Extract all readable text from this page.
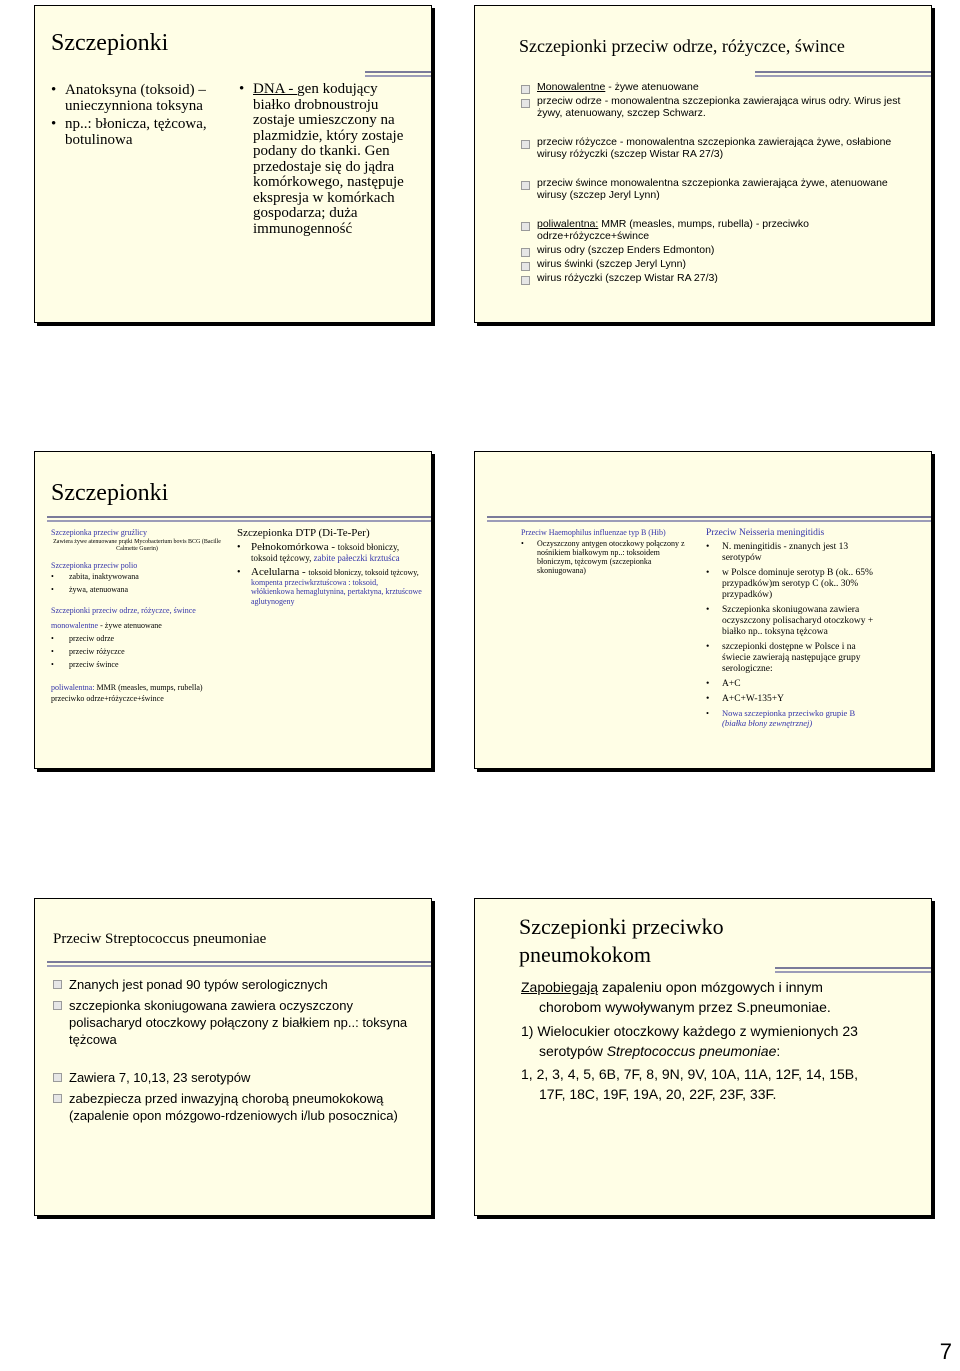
Szczepionki
• Anatoksyna (toksoid) – unieczynniona toksyna
• np..: błonicza, tężcowa, botulinowa
• DNA - gen kodujący białko drobnoustroju zostaje umieszczony na plazmidzie, który zostaje podany do tkanki. Gen przedostaje się do jądra komórkowego, następuje ekspresja w komórkach gospodarza; duża immunogenność
Szczepionki przeciw odrze, różyczce, śwince
Monowalentne - żywe atenuowane
przeciw odrze - monowalentna szczepionka zawierająca wirus odry. Wirus jest żywy, atenuowany, szczep Schwarz.
przeciw różyczce - monowalentna szczepionka zawierająca żywe, osłabione wirusy różyczki (szczep Wistar RA 27/3)
przeciw śwince monowalentna szczepionka zawierająca żywe, atenuowane wirusy (szczep Jeryl Lynn)
poliwalentna: MMR (measles, mumps, rubella) - przeciwko odrze+różyczce+śwince
wirus odry (szczep Enders Edmonton)
wirus świnki (szczep Jeryl Lynn)
wirus różyczki (szczep Wistar RA 27/3)
Szczepionki
Szczepionka przeciw gruźlicy
Zawiera żywe atenuowane prątki Mycobacterium bovis BCG (Bacille Calmette Guerin)
Szczepionka przeciw polio
• zabita, inaktywowana
• żywa, atenuowana
Szczepionki przeciw odrze, różyczce, śwince
monowalentne - żywe atenuowane
• przeciw odrze
• przeciw różyczce
• przeciw śwince
poliwalentna: MMR (measles, mumps, rubella)
przeciwko odrze+różyczce+śwince
Szczepionka DTP (Di-Te-Per)
• Pełnokomórkowa - toksoid błoniczy, toksoid tężcowy, zabite pałeczki krztuśca
• Acelularna - toksoid błoniczy, toksoid tężcowy, kompenta przeciwkrztuścowa : toksoid, włókienkowa hemaglutynina, pertaktyna, krztuścowe aglutynogeny
Przeciw Haemophilus influenzae typ B (Hib)
• Oczyszczony antygen otoczkowy połączony z nośnikiem białkowym np..: toksoidem błoniczym, tężcowym (szczepionka skoniugowana)
Przeciw Neisseria meningitidis
• N. meningitidis - znanych jest 13 serotypów
• w Polsce dominuje serotyp B (ok.. 65% przypadków)m serotyp C (ok.. 30% przypadków)
• Szczepionka skoniugowana zawiera oczyszczony polisacharyd otoczkowy + białko np.. toksyna tężcowa
• szczepionki dostępne w Polsce i na świecie zawierają następujące grupy serologiczne:
• A+C
• A+C+W-135+Y
• Nowa szczepionka przeciwko grupie B
(białka błony zewnętrznej)
Przeciw Streptococcus pneumoniae
Znanych jest ponad 90 typów serologicznych
szczepionka skoniugowana zawiera oczyszczony polisacharyd otoczkowy połączony z białkiem np..: toksyna tężcowa
Zawiera 7, 10,13, 23 serotypów
zabezpiecza przed inwazyjną chorobą pneumokokową (zapalenie opon mózgowo-rdzeniowych i/lub posocznica)
Szczepionki przeciwko pneumokokom
Zapobiegają zapaleniu opon mózgowych i innym chorobom wywoływanym przez S.pneumoniae.
1) Wielocukier otoczkowy każdego z wymienionych 23 serotypów Streptococcus pneumoniae:
1, 2, 3, 4, 5, 6B, 7F, 8, 9N, 9V, 10A, 11A, 12F, 14, 15B, 17F, 18C, 19F, 19A, 20, 22F, 23F, 33F.
7
